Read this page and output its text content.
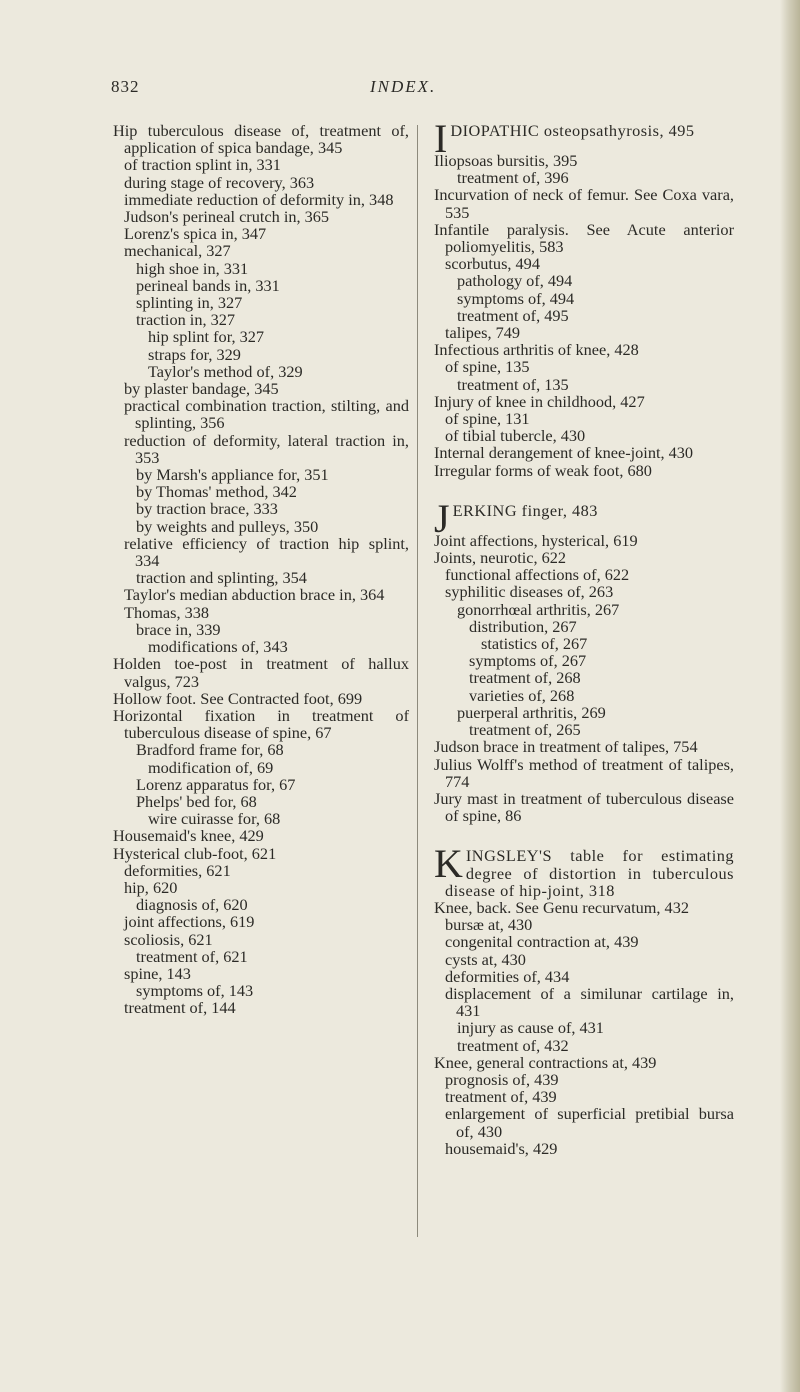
832	INDEX.
Hip tuberculous disease of, treatment of, application of spica bandage, 345
of traction splint in, 331
during stage of recovery, 363
immediate reduction of deformity in, 348
Judson's perineal crutch in, 365
Lorenz's spica in, 347
mechanical, 327
high shoe in, 331
perineal bands in, 331
splinting in, 327
traction in, 327
hip splint for, 327
straps for, 329
Taylor's method of, 329
by plaster bandage, 345
practical combination traction, stilting, and splinting, 356
reduction of deformity, lateral traction in, 353
by Marsh's appliance for, 351
by Thomas' method, 342
by traction brace, 333
by weights and pulleys, 350
relative efficiency of traction hip splint, 334
traction and splinting, 354
Taylor's median abduction brace in, 364
Thomas, 338
brace in, 339
modifications of, 343
Holden toe-post in treatment of hallux valgus, 723
Hollow foot. See Contracted foot, 699
Horizontal fixation in treatment of tuberculous disease of spine, 67
Bradford frame for, 68
modification of, 69
Lorenz apparatus for, 67
Phelps' bed for, 68
wire cuirasse for, 68
Housemaid's knee, 429
Hysterical club-foot, 621
deformities, 621
hip, 620
diagnosis of, 620
joint affections, 619
scoliosis, 621
treatment of, 621
spine, 143
symptoms of, 143
treatment of, 144
IDIOPATHIC osteopsathyrosis, 495
Iliopsoas bursitis, 395
treatment of, 396
Incurvation of neck of femur. See Coxa vara, 535
Infantile paralysis. See Acute anterior poliomyelitis, 583
scorbutus, 494
pathology of, 494
symptoms of, 494
treatment of, 495
talipes, 749
Infectious arthritis of knee, 428
of spine, 135
treatment of, 135
Injury of knee in childhood, 427
of spine, 131
of tibial tubercle, 430
Internal derangement of knee-joint, 430
Irregular forms of weak foot, 680
JERKING finger, 483
Joint affections, hysterical, 619
Joints, neurotic, 622
functional affections of, 622
syphilitic diseases of, 263
gonorrhœal arthritis, 267
distribution, 267
statistics of, 267
symptoms of, 267
treatment of, 268
varieties of, 268
puerperal arthritis, 269
treatment of, 265
Judson brace in treatment of talipes, 754
Julius Wolff's method of treatment of talipes, 774
Jury mast in treatment of tuberculous disease of spine, 86
KINGSLEY'S table for estimating degree of distortion in tuberculous disease of hip-joint, 318
Knee, back. See Genu recurvatum, 432
bursæ at, 430
congenital contraction at, 439
cysts at, 430
deformities of, 434
displacement of a similunar cartilage in, 431
injury as cause of, 431
treatment of, 432
Knee, general contractions at, 439
prognosis of, 439
treatment of, 439
enlargement of superficial pretibial bursa of, 430
housemaid's, 429
